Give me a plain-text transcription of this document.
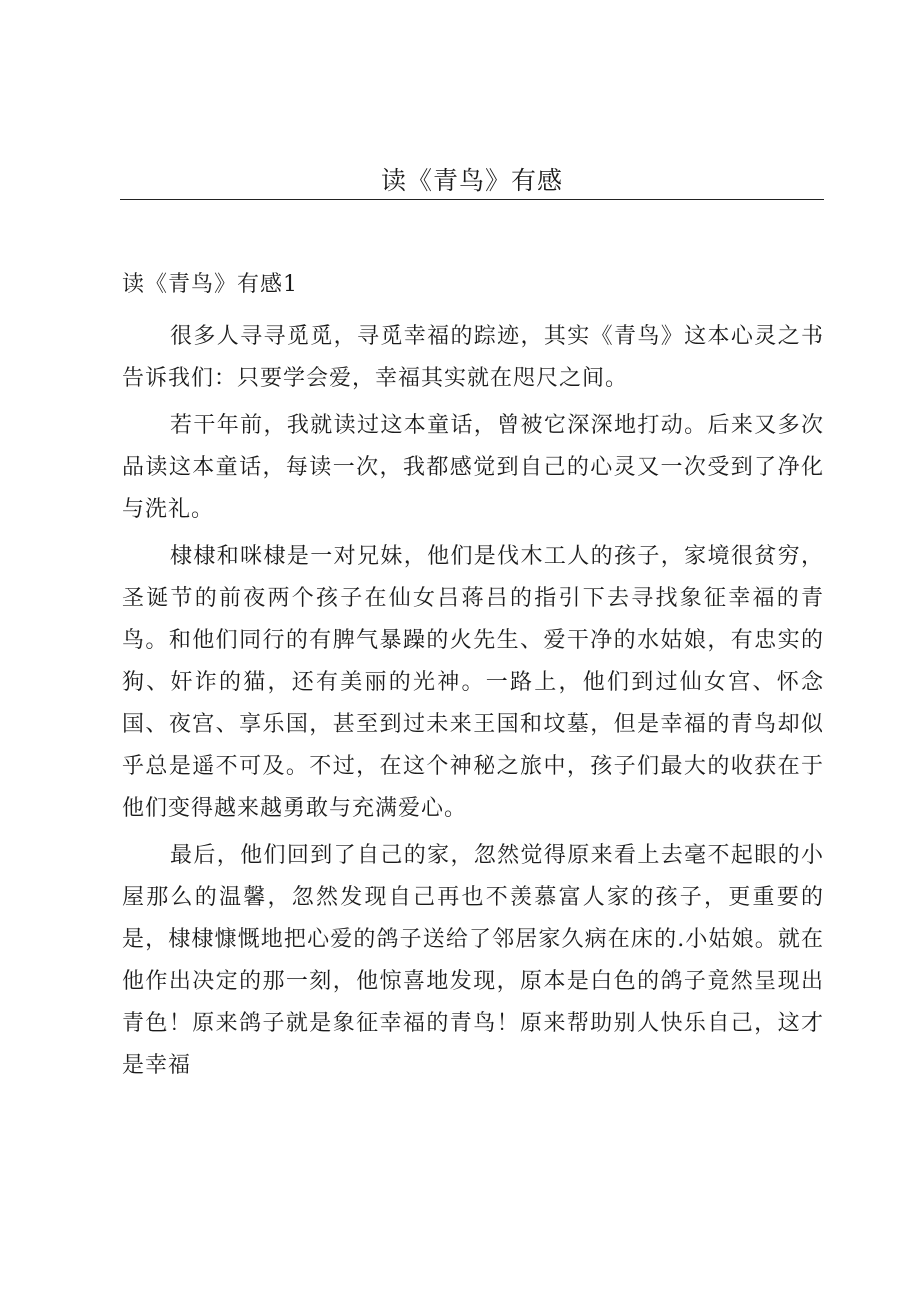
读《青鸟》有感
读《青鸟》有感1

很多人寻寻觅觅，寻觅幸福的踪迹，其实《青鸟》这本心灵之书告诉我们：只要学会爱，幸福其实就在咫尺之间。

若干年前，我就读过这本童话，曾被它深深地打动。后来又多次品读这本童话，每读一次，我都感觉到自己的心灵又一次受到了净化与洗礼。

棣棣和咪棣是一对兄妹，他们是伐木工人的孩子，家境很贫穷，圣诞节的前夜两个孩子在仙女吕蒋吕的指引下去寻找象征幸福的青鸟。和他们同行的有脾气暴躁的火先生、爱干净的水姑娘，有忠实的狗、奸诈的猫，还有美丽的光神。一路上，他们到过仙女宫、怀念国、夜宫、享乐国，甚至到过未来王国和坟墓，但是幸福的青鸟却似乎总是遥不可及。不过，在这个神秘之旅中，孩子们最大的收获在于他们变得越来越勇敢与充满爱心。

最后，他们回到了自己的家，忽然觉得原来看上去毫不起眼的小屋那么的温馨，忽然发现自己再也不羡慕富人家的孩子，更重要的是，棣棣慷慨地把心爱的鸽子送给了邻居家久病在床的.小姑娘。就在他作出决定的那一刻，他惊喜地发现，原本是白色的鸽子竟然呈现出青色！原来鸽子就是象征幸福的青鸟！原来帮助别人快乐自己，这才是幸福
